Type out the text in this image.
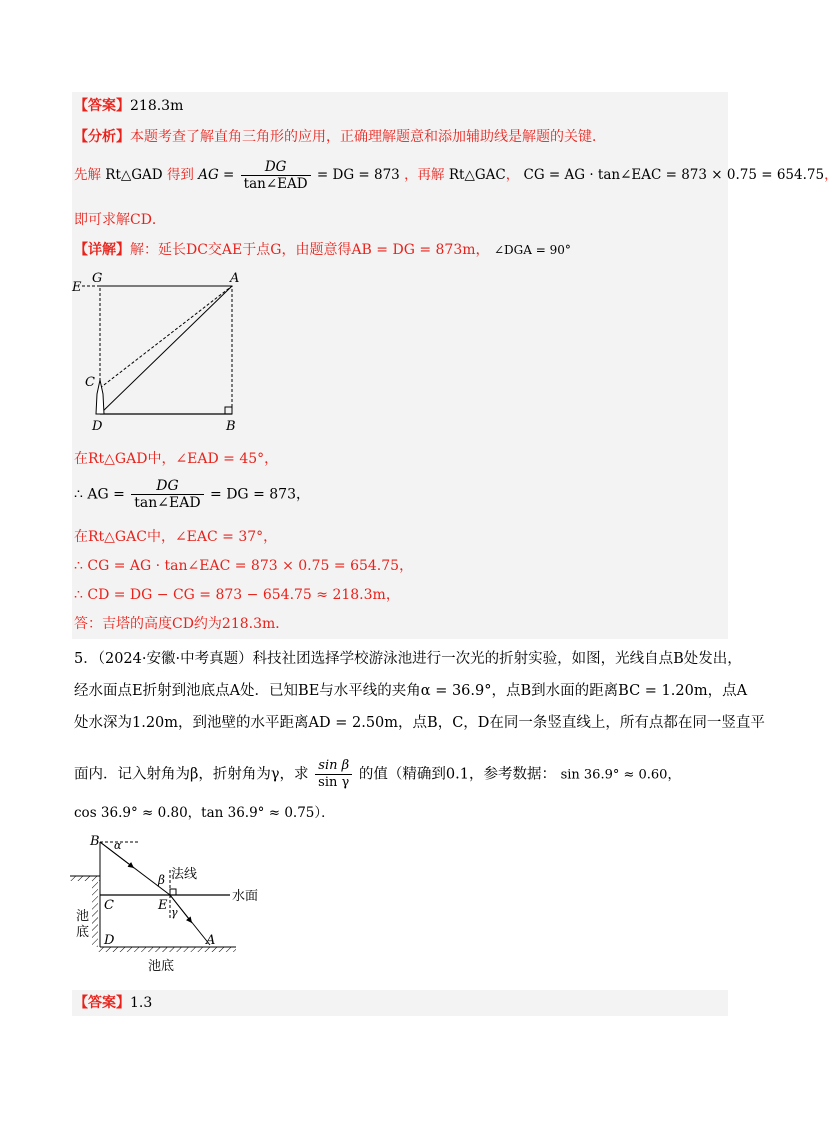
【答案】218.3m
【分析】本题考查了解直角三角形的应用，正确理解题意和添加辅助线是解题的关键．
先解 Rt△GAD 得到 AG = $\frac{DG}{\text{tan∠EAD}}$ = DG = 873 ，再解 Rt△GAC， CG = AG · tan∠EAC = 873 × 0.75 = 654.75，
即可求解CD．
【详解】解：延长DC交AE于点G，由题意得AB = DG = 873m， ∠DGA = 90°
G	A
E
C
D	B
在Rt△GAD中，∠EAD = 45°，
∴ AG = $\frac{DG}{\text{tan∠EAD}}$ = DG = 873，
在Rt△GAC中，∠EAC = 37°，
∴ CG = AG · tan∠EAC = 873 × 0.75 = 654.75，
∴ CD = DG − CG = 873 − 654.75 ≈ 218.3m，
答：吉塔的高度CD约为218.3m．
5．（2024·安徽·中考真题）科技社团选择学校游泳池进行一次光的折射实验，如图，光线自点B处发出，
经水面点E折射到池底点A处．已知BE与水平线的夹角α = 36.9°，点B到水面的距离BC = 1.20m，点A
处水深为1.20m，到池壁的水平距离AD = 2.50m，点B，C，D在同一条竖直线上，所有点都在同一竖直平
面内．记入射角为β，折射角为γ，求 $\frac{\text{sin β}}{\text{sin γ}}$ 的值（精确到0.1，参考数据： sin 36.9° ≈ 0.60，
cos 36.9° ≈ 0.80，tan 36.9° ≈ 0.75）．
B α
β 法线
水面
C	E γ
池
底
D	A
池底
【答案】1.3
